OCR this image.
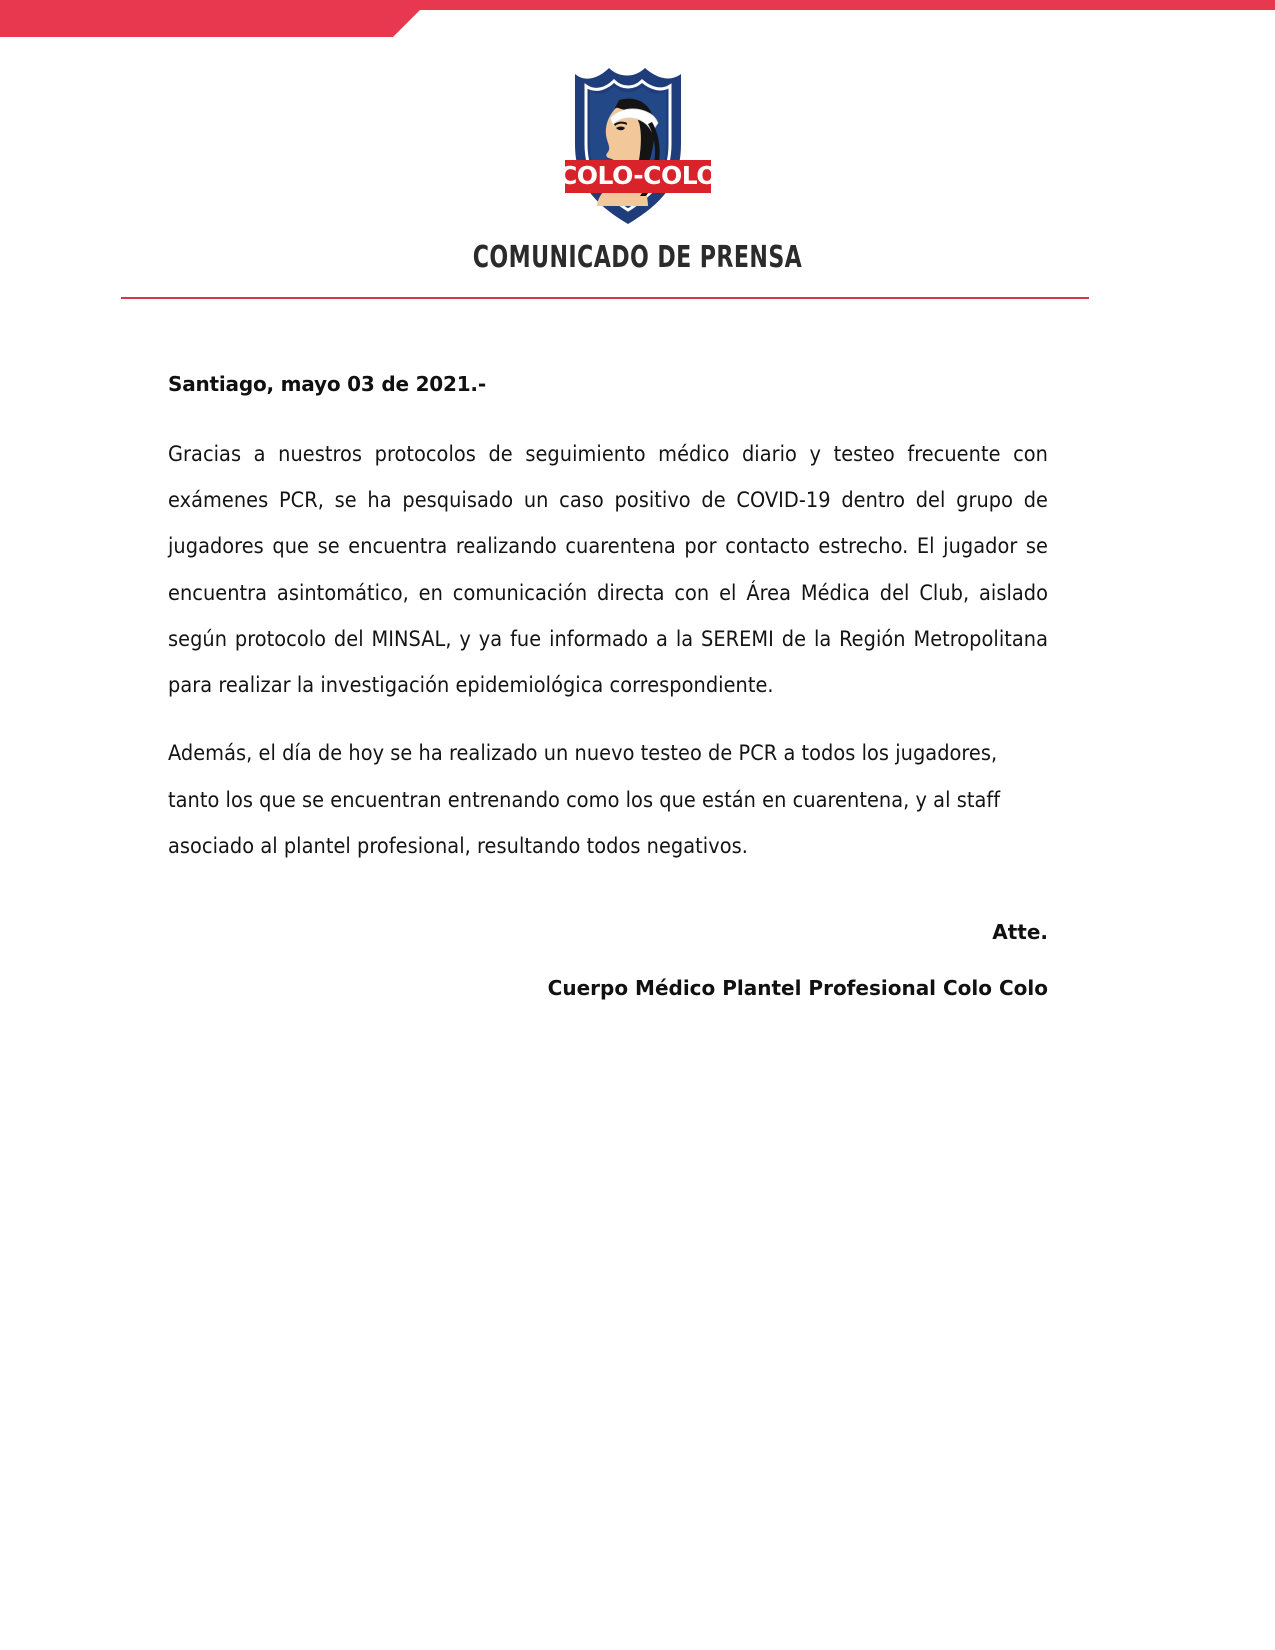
COLO-COLO
COMUNICADO DE PRENSA

Santiago, mayo 03 de 2021.-

Gracias a nuestros protocolos de seguimiento médico diario y testeo frecuente con exámenes PCR, se ha pesquisado un caso positivo de COVID-19 dentro del grupo de jugadores que se encuentra realizando cuarentena por contacto estrecho. El jugador se encuentra asintomático, en comunicación directa con el Área Médica del Club, aislado según protocolo del MINSAL, y ya fue informado a la SEREMI de la Región Metropolitana para realizar la investigación epidemiológica correspondiente.

Además, el día de hoy se ha realizado un nuevo testeo de PCR a todos los jugadores, tanto los que se encuentran entrenando como los que están en cuarentena, y al staff asociado al plantel profesional, resultando todos negativos.

Atte.

Cuerpo Médico Plantel Profesional Colo Colo
